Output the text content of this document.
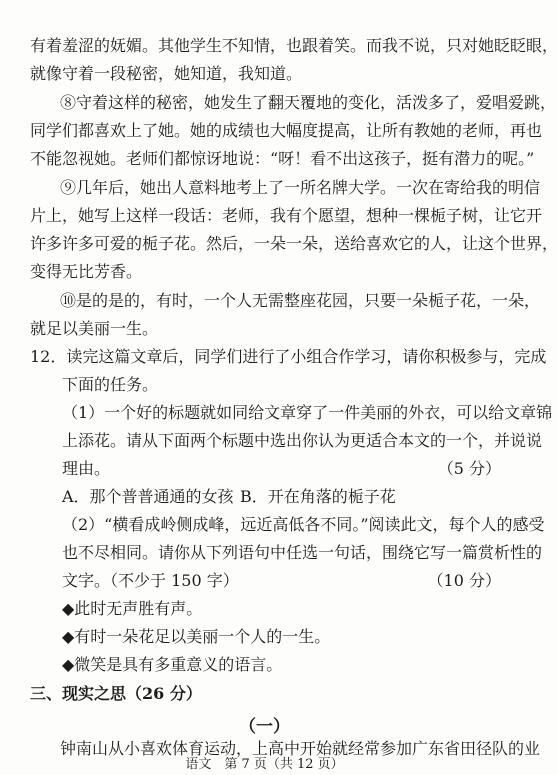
有着羞涩的妩媚。其他学生不知情，也跟着笑。而我不说，只对她眨眨眼，
就像守着一段秘密，她知道，我知道。
⑧守着这样的秘密，她发生了翻天覆地的变化，活泼多了，爱唱爱跳，
同学们都喜欢上了她。她的成绩也大幅度提高，让所有教她的老师，再也
不能忽视她。老师们都惊讶地说：“呀！看不出这孩子，挺有潜力的呢。”
⑨几年后，她出人意料地考上了一所名牌大学。一次在寄给我的明信
片上，她写上这样一段话：老师，我有个愿望，想种一棵栀子树，让它开
许多许多可爱的栀子花。然后，一朵一朵，送给喜欢它的人，让这个世界，
变得无比芳香。
⑩是的是的，有时，一个人无需整座花园，只要一朵栀子花，一朵，
就足以美丽一生。
12．读完这篇文章后，同学们进行了小组合作学习，请你积极参与，完成
下面的任务。
（1）一个好的标题就如同给文章穿了一件美丽的外衣，可以给文章锦
上添花。请从下面两个标题中选出你认为更适合本文的一个，并说说
理由。	（5 分）
A．那个普普通通的女孩 B．开在角落的栀子花
（2）“横看成岭侧成峰，远近高低各不同。”阅读此文，每个人的感受
也不尽相同。请你从下列语句中任选一句话，围绕它写一篇赏析性的
文字。（不少于 150 字）	（10 分）
◆此时无声胜有声。
◆有时一朵花足以美丽一个人的一生。
◆微笑是具有多重意义的语言。
三、现实之思（26 分）
（一）
钟南山从小喜欢体育运动，上高中开始就经常参加广东省田径队的业
语文　第 7 页（共 12 页）
